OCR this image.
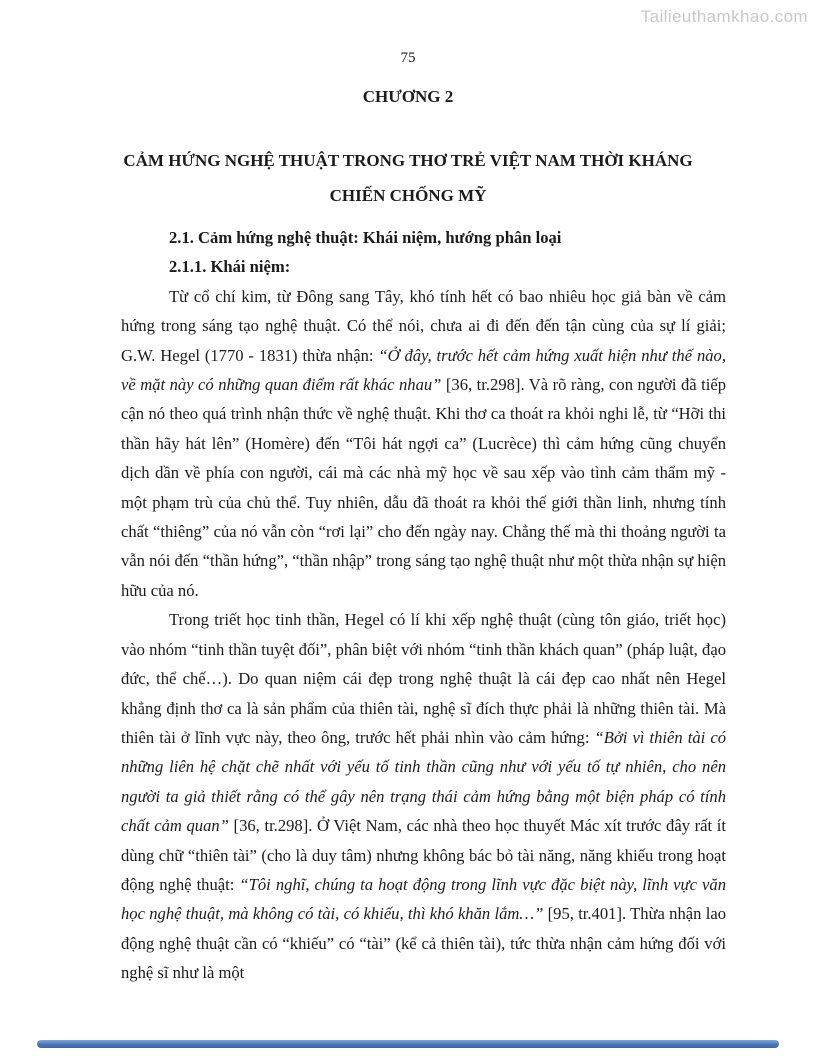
Tailieuthamkhao.com
75
CHƯƠNG 2
CẢM HỨNG NGHỆ THUẬT TRONG THƠ TRẺ VIỆT NAM THỜI KHÁNG CHIẾN CHỐNG MỸ

2.1. Cảm hứng nghệ thuật: Khái niệm, hướng phân loại

2.1.1. Khái niệm:

Từ cổ chí kim, từ Đông sang Tây, khó tính hết có bao nhiêu học giả bàn về cảm hứng trong sáng tạo nghệ thuật. Có thể nói, chưa ai đi đến đến tận cùng của sự lí giải; G.W. Hegel (1770 - 1831) thừa nhận: “Ở đây, trước hết cảm hứng xuất hiện như thế nào, về mặt này có những quan điểm rất khác nhau” [36, tr.298]. Và rõ ràng, con người đã tiếp cận nó theo quá trình nhận thức về nghệ thuật. Khi thơ ca thoát ra khỏi nghi lễ, từ “Hỡi thi thần hãy hát lên” (Homère) đến “Tôi hát ngợi ca” (Lucrèce) thì cảm hứng cũng chuyển dịch dần về phía con người, cái mà các nhà mỹ học về sau xếp vào tình cảm thẩm mỹ - một phạm trù của chủ thể. Tuy nhiên, dẫu đã thoát ra khỏi thế giới thần linh, nhưng tính chất “thiêng” của nó vẫn còn “rơi lại” cho đến ngày nay. Chẳng thế mà thi thoảng người ta vẫn nói đến “thần hứng”, “thần nhập” trong sáng tạo nghệ thuật như một thừa nhận sự hiện hữu của nó.

Trong triết học tinh thần, Hegel có lí khi xếp nghệ thuật (cùng tôn giáo, triết học) vào nhóm “tinh thần tuyệt đối”, phân biệt với nhóm “tinh thần khách quan” (pháp luật, đạo đức, thể chế…). Do quan niệm cái đẹp trong nghệ thuật là cái đẹp cao nhất nên Hegel khẳng định thơ ca là sản phẩm của thiên tài, nghệ sĩ đích thực phải là những thiên tài. Mà thiên tài ở lĩnh vực này, theo ông, trước hết phải nhìn vào cảm hứng: “Bởi vì thiên tài có những liên hệ chặt chẽ nhất với yếu tố tinh thần cũng như với yếu tố tự nhiên, cho nên người ta giả thiết rằng có thể gây nên trạng thái cảm hứng bằng một biện pháp có tính chất cảm quan” [36, tr.298]. Ở Việt Nam, các nhà theo học thuyết Mác xít trước đây rất ít dùng chữ “thiên tài” (cho là duy tâm) nhưng không bác bỏ tài năng, năng khiếu trong hoạt động nghệ thuật: “Tôi nghĩ, chúng ta hoạt động trong lĩnh vực đặc biệt này, lĩnh vực văn học nghệ thuật, mà không có tài, có khiếu, thì khó khăn lắm…” [95, tr.401]. Thừa nhận lao động nghệ thuật cần có “khiếu” có “tài” (kể cả thiên tài), tức thừa nhận cảm hứng đối với nghệ sĩ như là một
